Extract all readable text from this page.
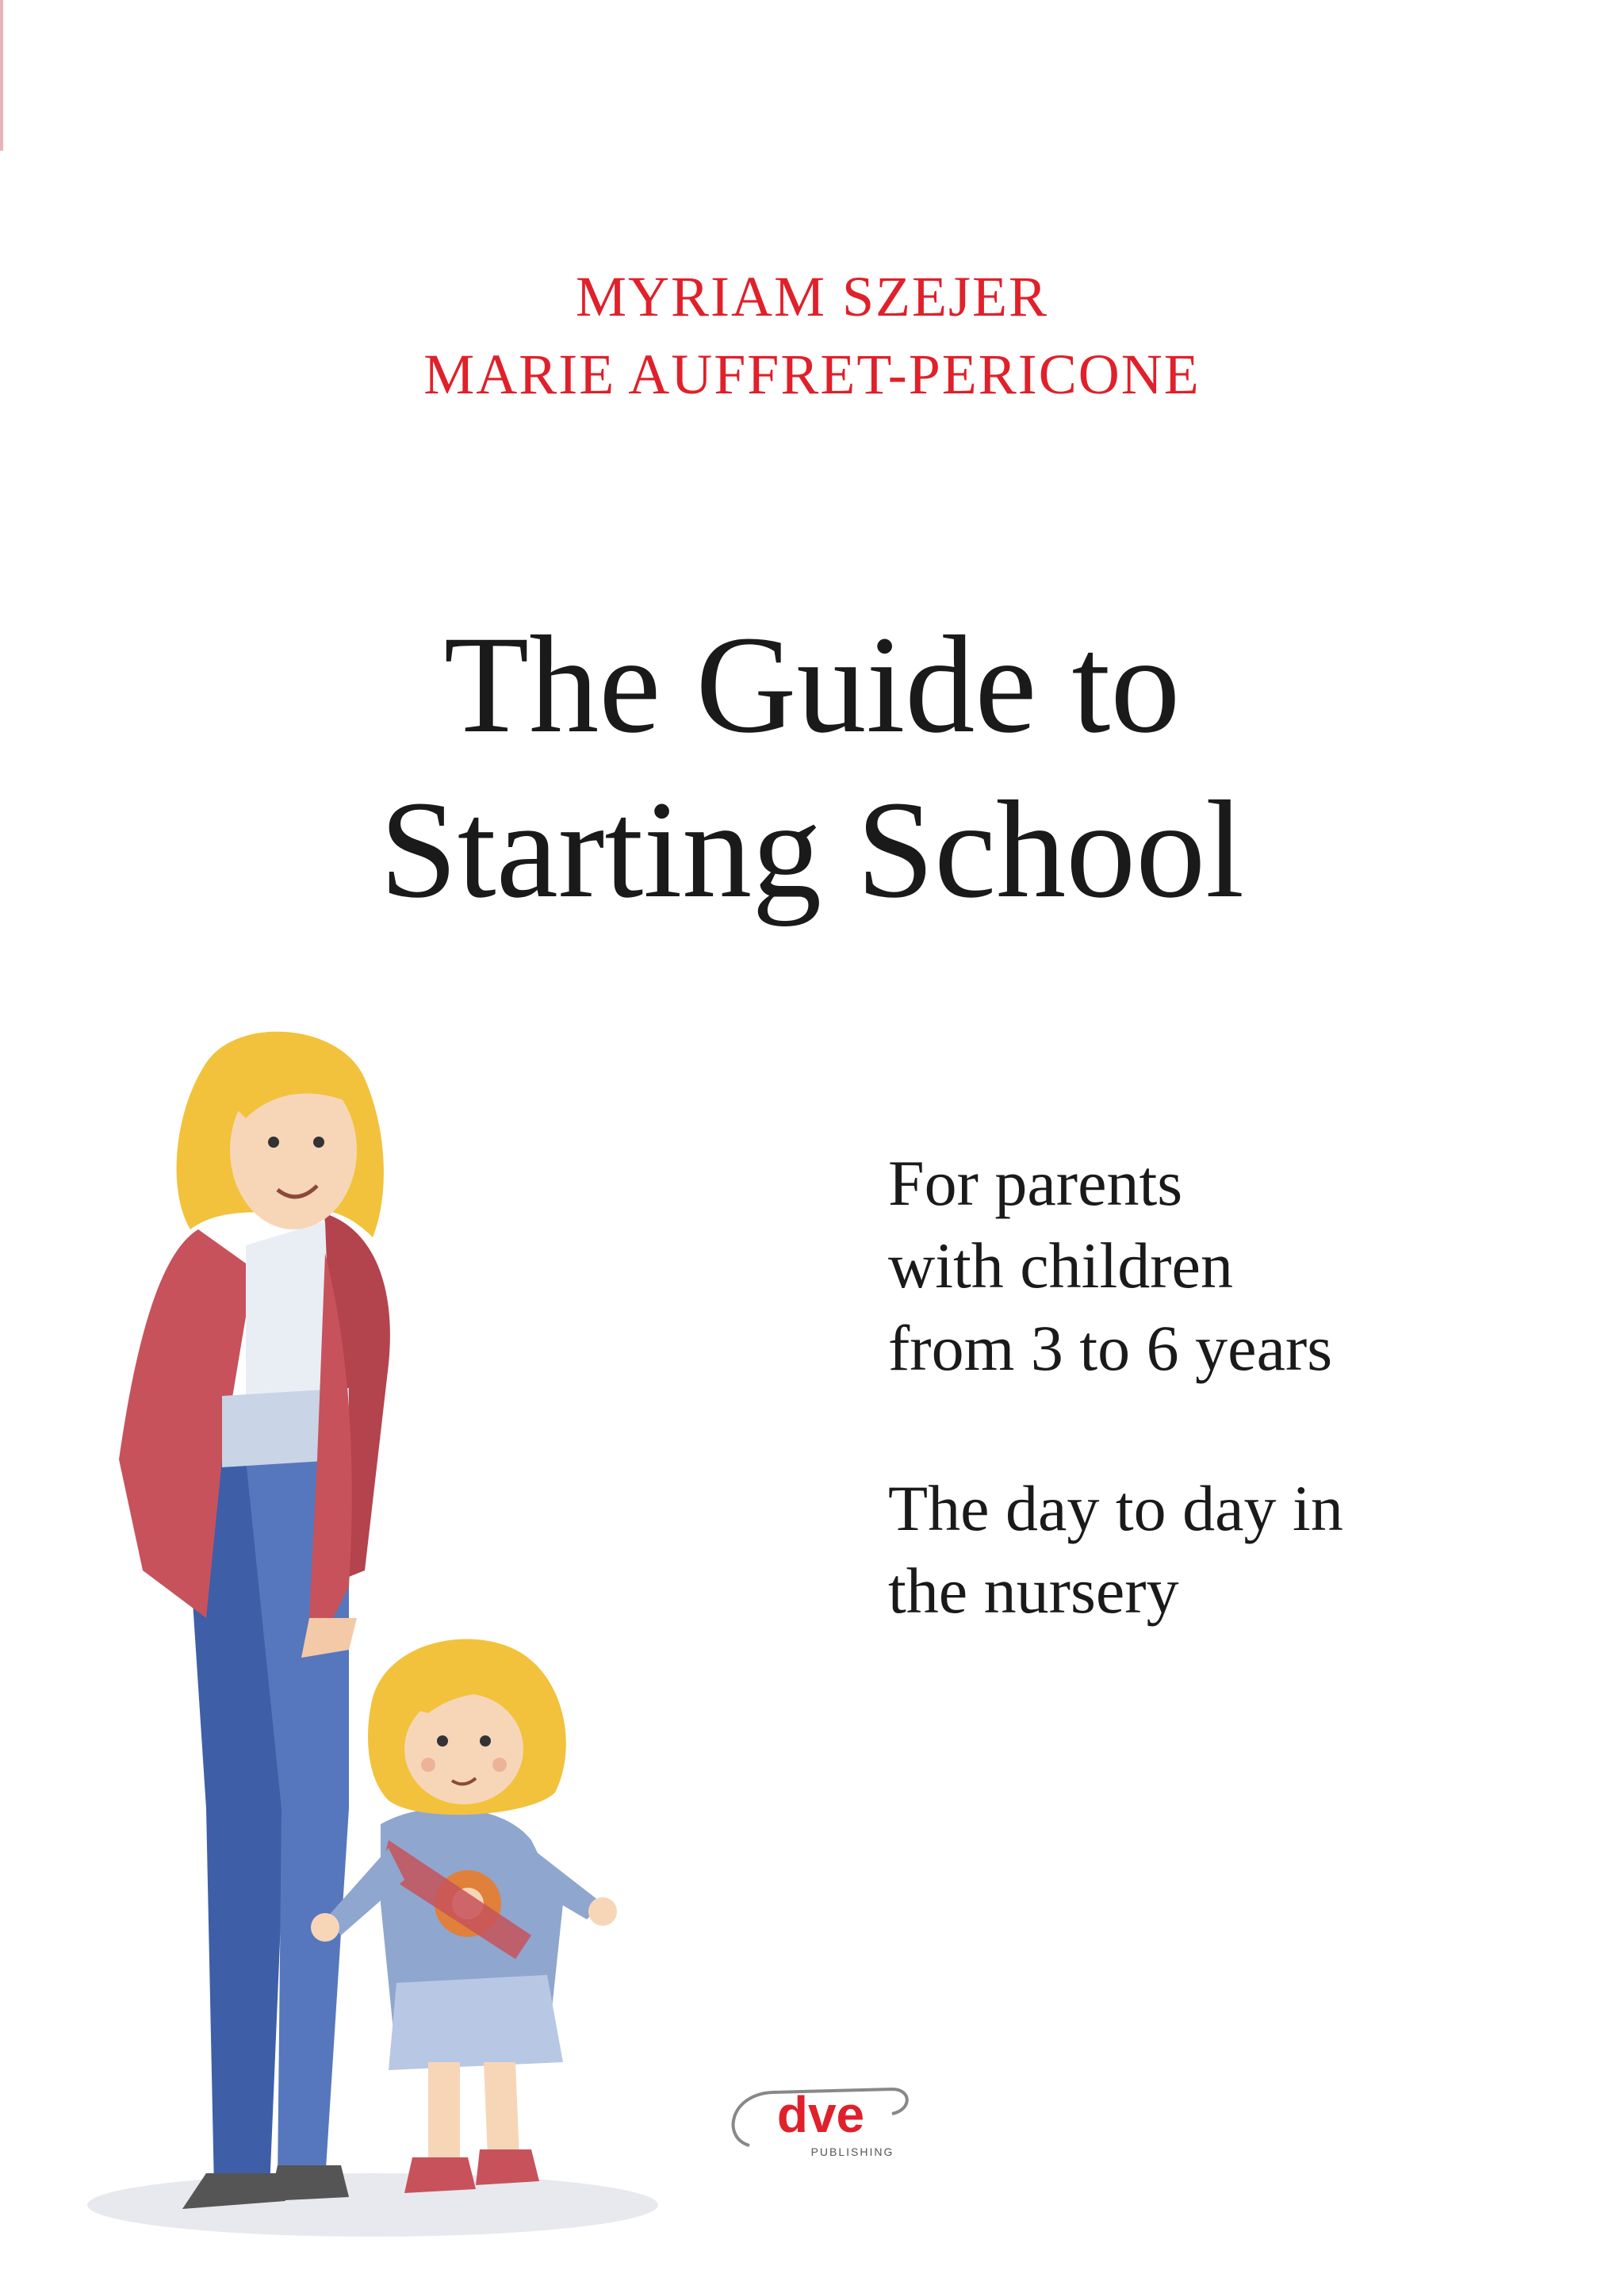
MYRIAM SZEJER
MARIE AUFFRET-PERICONE
The Guide to
Starting School
For parents
with children
from 3 to 6 years
The day to day in
the nursery
dve
PUBLISHING
